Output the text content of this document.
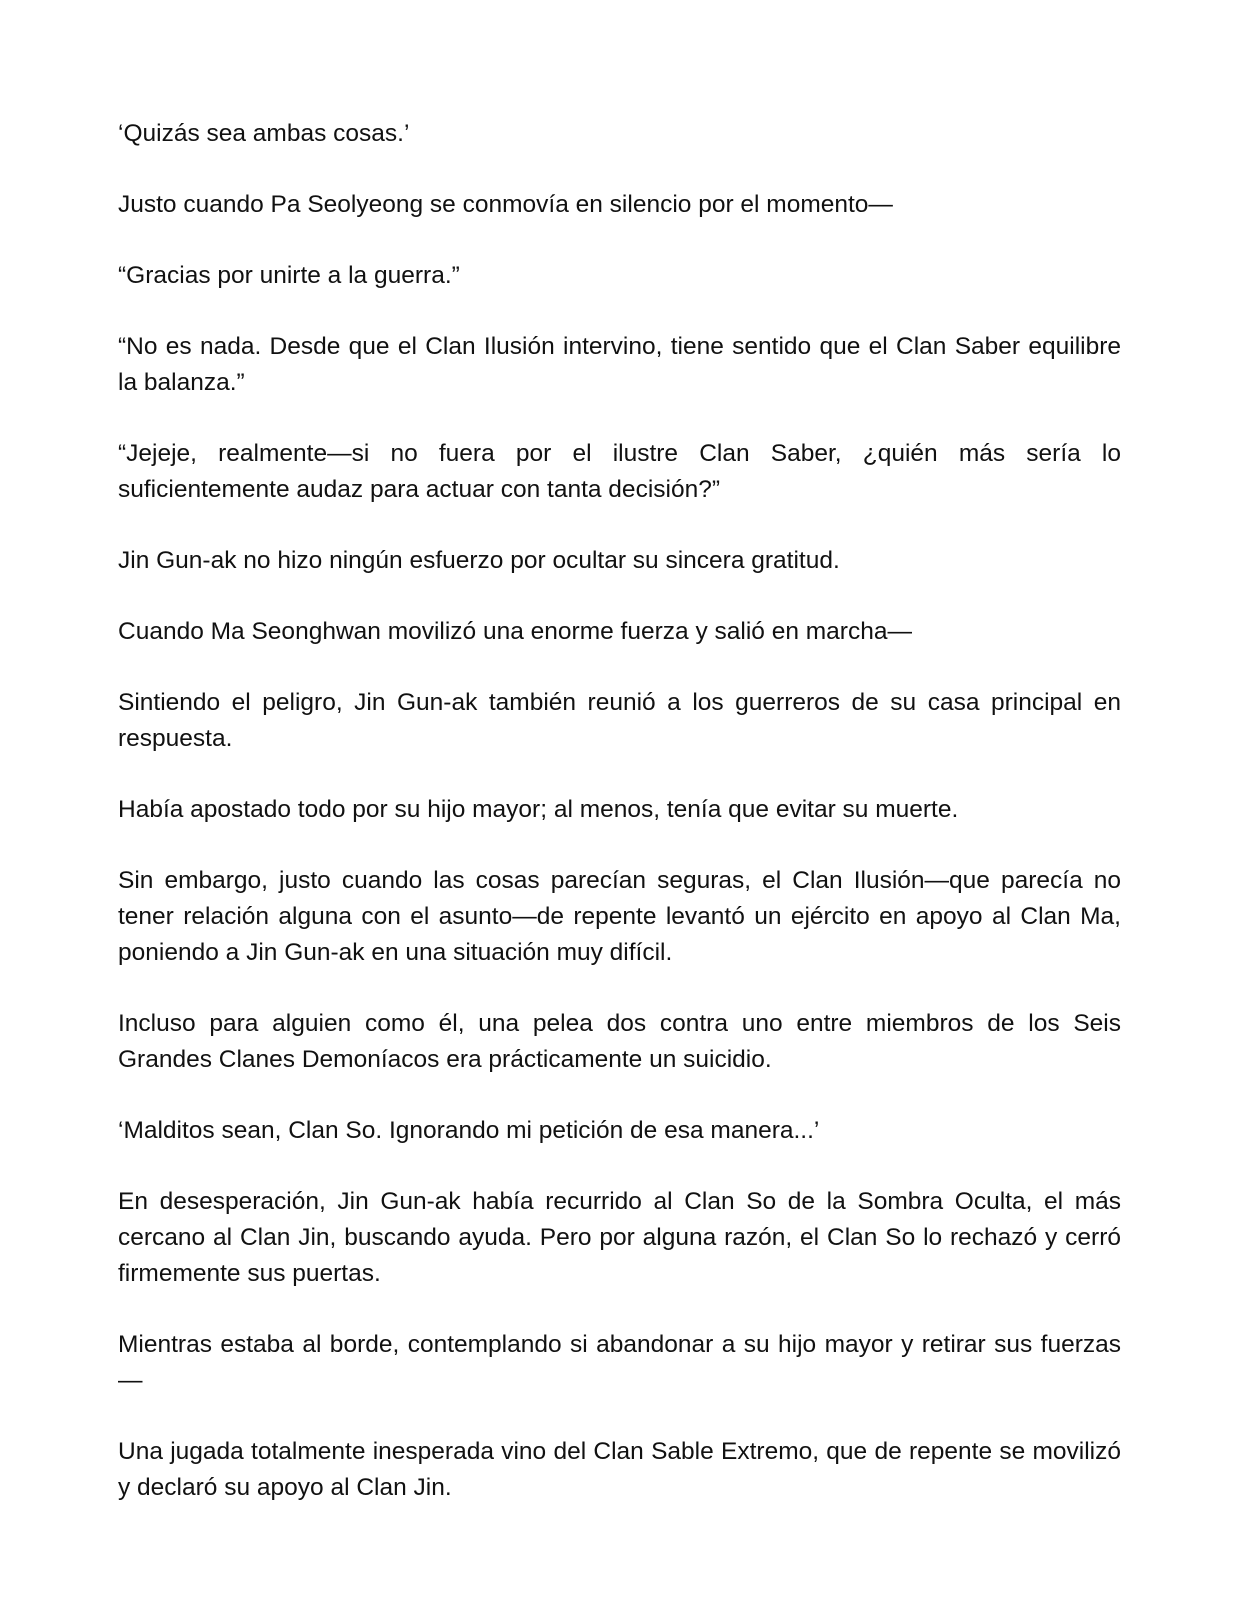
‘Quizás sea ambas cosas.’

Justo cuando Pa Seolyeong se conmovía en silencio por el momento—

“Gracias por unirte a la guerra.”

“No es nada. Desde que el Clan Ilusión intervino, tiene sentido que el Clan Saber equilibre la balanza.”

“Jejeje, realmente—si no fuera por el ilustre Clan Saber, ¿quién más sería lo suficientemente audaz para actuar con tanta decisión?”

Jin Gun-ak no hizo ningún esfuerzo por ocultar su sincera gratitud.

Cuando Ma Seonghwan movilizó una enorme fuerza y salió en marcha—

Sintiendo el peligro, Jin Gun-ak también reunió a los guerreros de su casa principal en respuesta.

Había apostado todo por su hijo mayor; al menos, tenía que evitar su muerte.

Sin embargo, justo cuando las cosas parecían seguras, el Clan Ilusión—que parecía no tener relación alguna con el asunto—de repente levantó un ejército en apoyo al Clan Ma, poniendo a Jin Gun-ak en una situación muy difícil.

Incluso para alguien como él, una pelea dos contra uno entre miembros de los Seis Grandes Clanes Demoníacos era prácticamente un suicidio.

‘Malditos sean, Clan So. Ignorando mi petición de esa manera...’

En desesperación, Jin Gun-ak había recurrido al Clan So de la Sombra Oculta, el más cercano al Clan Jin, buscando ayuda. Pero por alguna razón, el Clan So lo rechazó y cerró firmemente sus puertas.

Mientras estaba al borde, contemplando si abandonar a su hijo mayor y retirar sus fuerzas—

Una jugada totalmente inesperada vino del Clan Sable Extremo, que de repente se movilizó y declaró su apoyo al Clan Jin.
